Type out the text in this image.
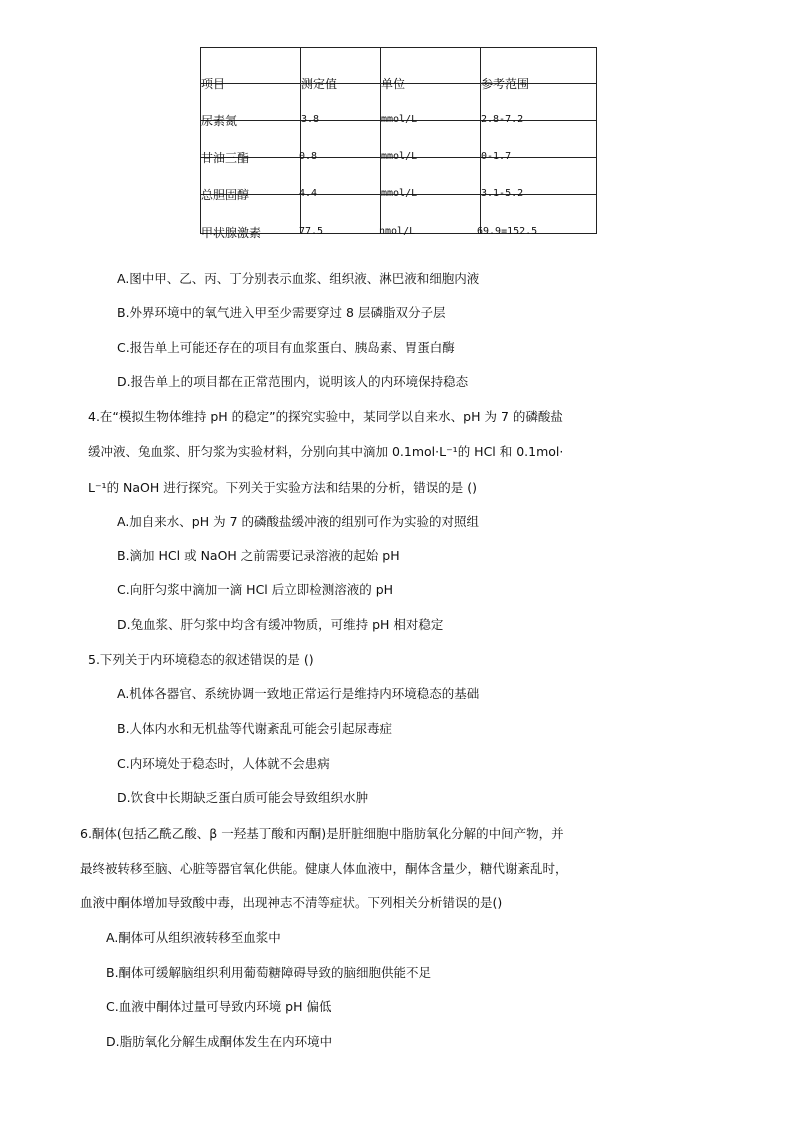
项目	测定值	单位	参考范围
尿素氮	3.8	mmol/L	2.8-7.2
甘油三酯	0.8	mmol/L	0-1.7
总胆固醇	4.4	mmol/L	3.1-5.2
甲状腺激素	77.5	nmol/L	69.9=152.5
A.图中甲、乙、丙、丁分别表示血浆、组织液、淋巴液和细胞内液
B.外界环境中的氧气进入甲至少需要穿过 8 层磷脂双分子层
C.报告单上可能还存在的项目有血浆蛋白、胰岛素、胃蛋白酶
D.报告单上的项目都在正常范围内，说明该人的内环境保持稳态
4.在“模拟生物体维持 pH 的稳定”的探究实验中，某同学以自来水、pH 为 7 的磷酸盐
缓冲液、兔血浆、肝匀浆为实验材料，分别向其中滴加 0.1mol·L⁻¹的 HCl 和 0.1mol·
L⁻¹的 NaOH 进行探究。下列关于实验方法和结果的分析，错误的是 ()
A.加自来水、pH 为 7 的磷酸盐缓冲液的组别可作为实验的对照组
B.滴加 HCl 或 NaOH 之前需要记录溶液的起始 pH
C.向肝匀浆中滴加一滴 HCl 后立即检测溶液的 pH
D.兔血浆、肝匀浆中均含有缓冲物质，可维持 pH 相对稳定
5.下列关于内环境稳态的叙述错误的是 ()
A.机体各器官、系统协调一致地正常运行是维持内环境稳态的基础
B.人体内水和无机盐等代谢紊乱可能会引起尿毒症
C.内环境处于稳态时，人体就不会患病
D.饮食中长期缺乏蛋白质可能会导致组织水肿
6.酮体(包括乙酰乙酸、β 一羟基丁酸和丙酮)是肝脏细胞中脂肪氧化分解的中间产物，并
最终被转移至脑、心脏等器官氧化供能。健康人体血液中，酮体含量少，糖代谢紊乱时，
血液中酮体增加导致酸中毒，出现神志不清等症状。下列相关分析错误的是()
A.酮体可从组织液转移至血浆中
B.酮体可缓解脑组织利用葡萄糖障碍导致的脑细胞供能不足
C.血液中酮体过量可导致内环境 pH 偏低
D.脂肪氧化分解生成酮体发生在内环境中
